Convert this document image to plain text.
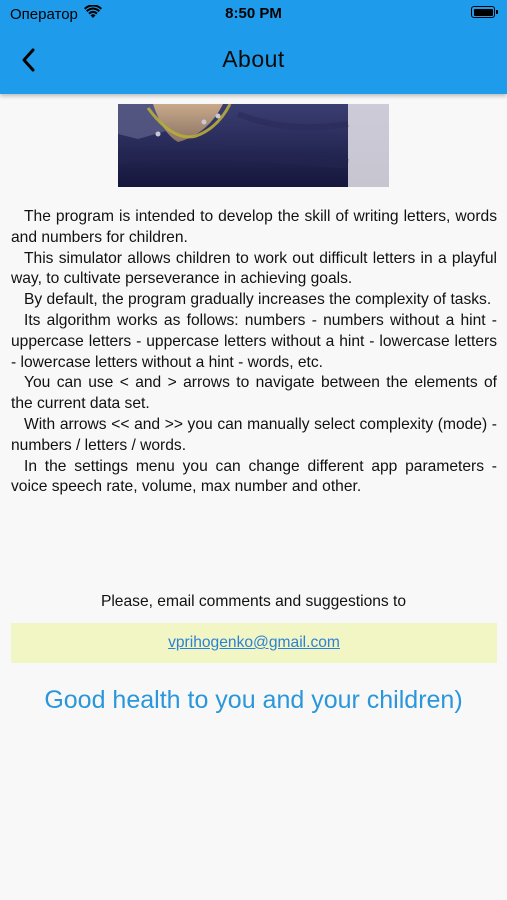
Оператор	8:50 PM
About

The program is intended to develop the skill of writing letters, words and numbers for children.

This simulator allows children to work out difficult letters in a playful way, to cultivate perseverance in achieving goals.

By default, the program gradually increases the complexity of tasks.

Its algorithm works as follows: numbers - numbers without a hint - uppercase letters - uppercase letters without a hint - lowercase letters - lowercase letters without a hint - words, etc.

You can use < and > arrows to navigate between the elements of the current data set.

With arrows << and >> you can manually select complexity (mode) - numbers / letters / words.

In the settings menu you can change different app parameters - voice speech rate, volume, max number and other.

Please, email comments and suggestions to
vprihogenko@gmail.com
Good health to you and your children)
